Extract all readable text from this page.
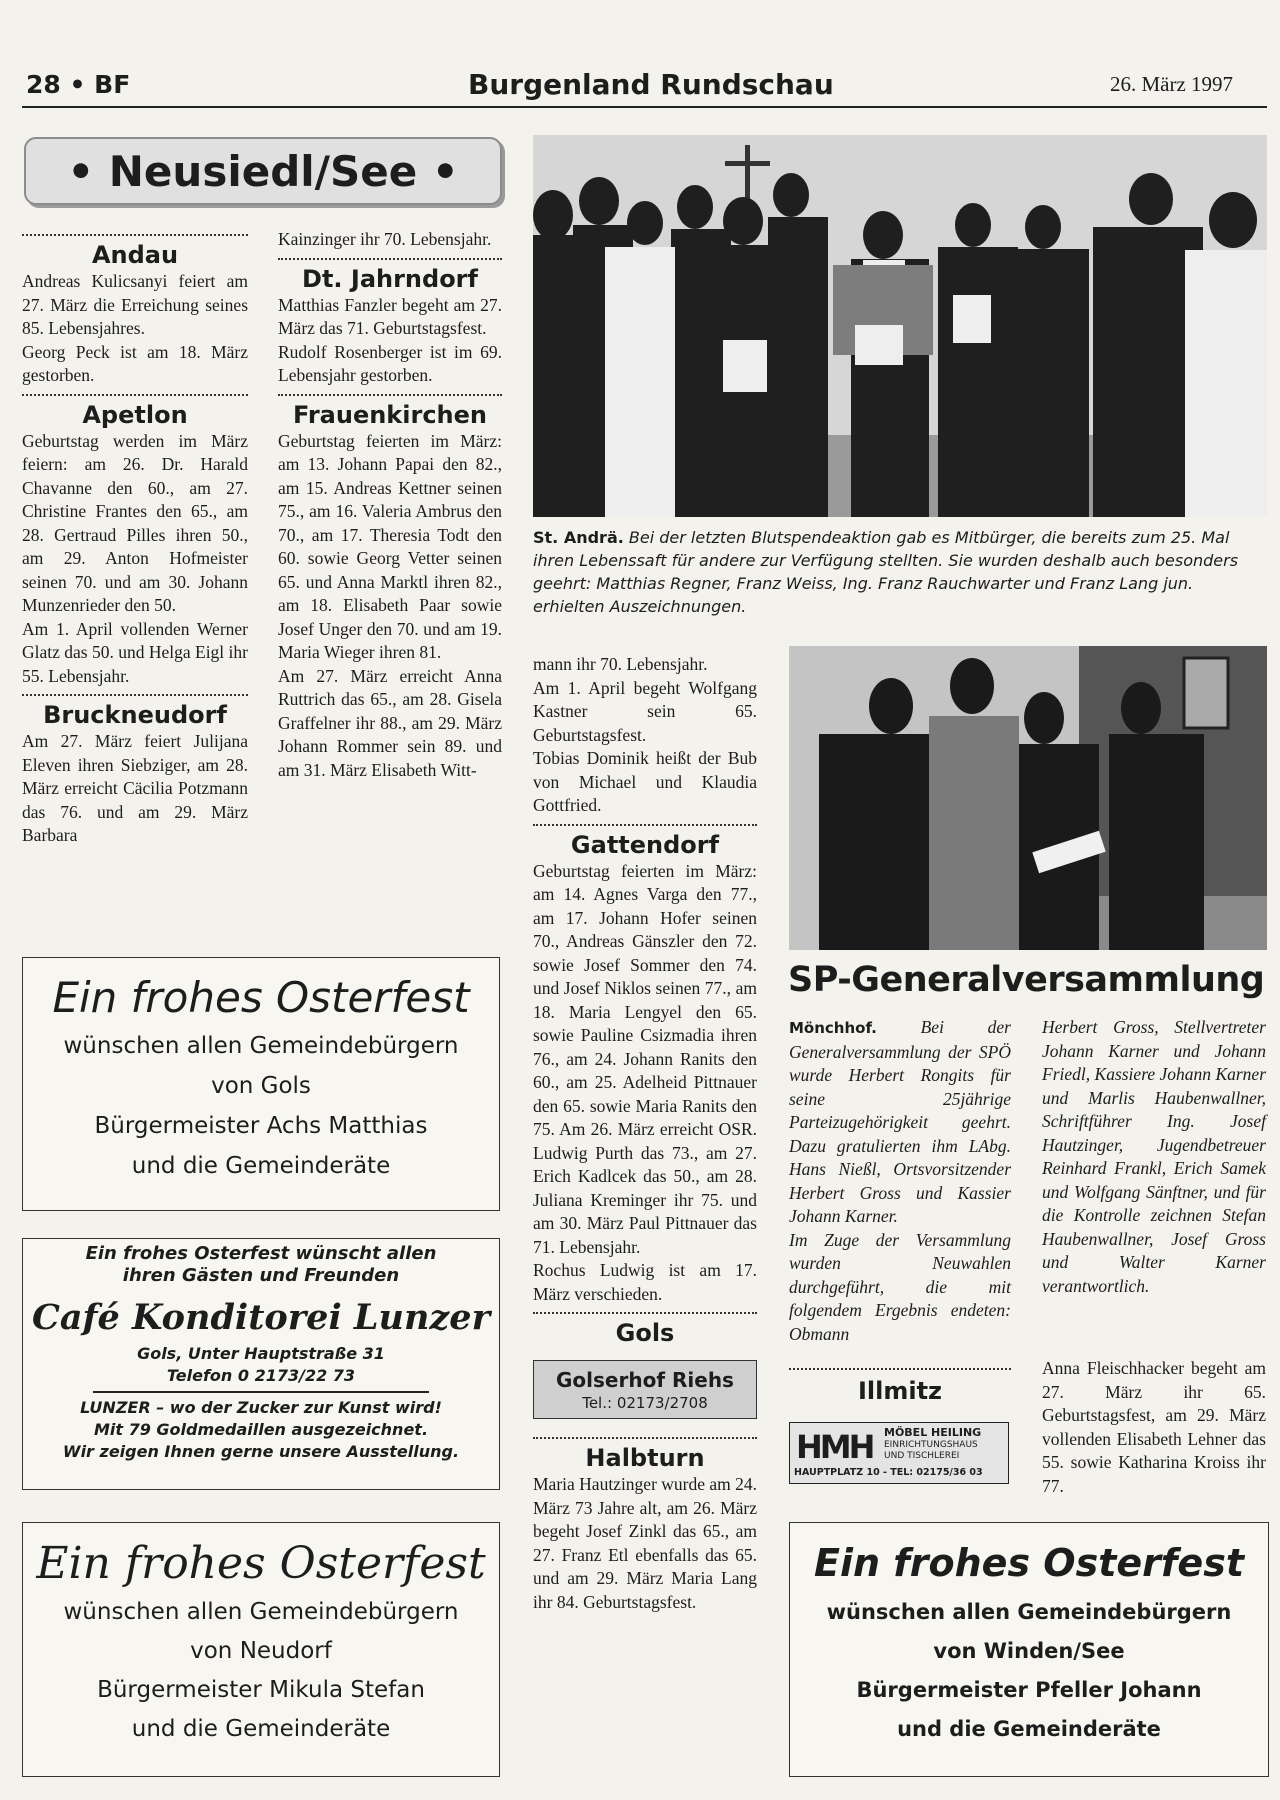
28 • BF	Burgenland Rundschau	26. März 1997
• Neusiedl/See •
Andau

Andreas Kulicsanyi feiert am 27. März die Erreichung seines 85. Lebensjahres.

Georg Peck ist am 18. März gestorben.

Apetlon

Geburtstag werden im März feiern: am 26. Dr. Harald Chavanne den 60., am 27. Christine Frantes den 65., am 28. Gertraud Pilles ihren 50., am 29. Anton Hofmeister seinen 70. und am 30. Johann Munzenrieder den 50.

Am 1. April vollenden Werner Glatz das 50. und Helga Eigl ihr 55. Lebensjahr.

Bruckneudorf

Am 27. März feiert Julijana Eleven ihren Siebziger, am 28. März erreicht Cäcilia Potzmann das 76. und am 29. März Barbara

Kainzinger ihr 70. Lebensjahr.

Dt. Jahrndorf

Matthias Fanzler begeht am 27. März das 71. Geburtstagsfest.

Rudolf Rosenberger ist im 69. Lebensjahr gestorben.

Frauenkirchen

Geburtstag feierten im März: am 13. Johann Papai den 82., am 15. Andreas Kettner seinen 75., am 16. Valeria Ambrus den 70., am 17. Theresia Todt den 60. sowie Georg Vetter seinen 65. und Anna Marktl ihren 82., am 18. Elisabeth Paar sowie Josef Unger den 70. und am 19. Maria Wieger ihren 81.

Am 27. März erreicht Anna Ruttrich das 65., am 28. Gisela Graffelner ihr 88., am 29. März Johann Rommer sein 89. und am 31. März Elisabeth Witt-

St. Andrä. Bei der letzten Blutspendeaktion gab es Mitbürger, die bereits zum 25. Mal ihren Lebenssaft für andere zur Verfügung stellten. Sie wurden deshalb auch besonders geehrt: Matthias Regner, Franz Weiss, Ing. Franz Rauchwarter und Franz Lang jun. erhielten Auszeichnungen.

mann ihr 70. Lebensjahr.

Am 1. April begeht Wolfgang Kastner sein 65. Geburtstagsfest.

Tobias Dominik heißt der Bub von Michael und Klaudia Gottfried.

Gattendorf

Geburtstag feierten im März: am 14. Agnes Varga den 77., am 17. Johann Hofer seinen 70., Andreas Gänszler den 72. sowie Josef Sommer den 74. und Josef Niklos seinen 77., am 18. Maria Lengyel den 65. sowie Pauline Csizmadia ihren 76., am 24. Johann Ranits den 60., am 25. Adelheid Pittnauer den 65. sowie Maria Ranits den 75. Am 26. März erreicht OSR. Ludwig Purth das 73., am 27. Erich Kadlcek das 50., am 28. Juliana Kreminger ihr 75. und am 30. März Paul Pittnauer das 71. Lebensjahr.

Rochus Ludwig ist am 17. März verschieden.

Gols
Golserhof Riehs
Tel.: 02173/2708
Halbturn

Maria Hautzinger wurde am 24. März 73 Jahre alt, am 26. März begeht Josef Zinkl das 65., am 27. Franz Etl ebenfalls das 65. und am 29. März Maria Lang ihr 84. Geburtstagsfest.

SP-Generalversammlung
Mönchhof. Bei der Generalversammlung der SPÖ wurde Herbert Rongits für seine 25jährige Parteizugehörigkeit geehrt. Dazu gratulierten ihm LAbg. Hans Nießl, Ortsvorsitzender Herbert Gross und Kassier Johann Karner.
Im Zuge der Versammlung wurden Neuwahlen durchgeführt, die mit folgendem Ergebnis endeten: Obmann
Herbert Gross, Stellvertreter Johann Karner und Johann Friedl, Kassiere Johann Karner und Marlis Haubenwallner, Schriftführer Ing. Josef Hautzinger, Jugendbetreuer Reinhard Frankl, Erich Samek und Wolfgang Sänftner, und für die Kontrolle zeichnen Stefan Haubenwallner, Josef Gross und Walter Karner verantwortlich.
Illmitz
HMH MÖBEL HEILING
EINRICHTUNGSHAUS
UND TISCHLEREI
HAUPTPLATZ 10 - TEL: 02175/36 03
Anna Fleischhacker begeht am 27. März ihr 65. Geburtstagsfest, am 29. März vollenden Elisabeth Lehner das 55. sowie Katharina Kroiss ihr 77.
Ein frohes Osterfest
wünschen allen Gemeindebürgern
von Gols
Bürgermeister Achs Matthias
und die Gemeinderäte
Ein frohes Osterfest wünscht allen
ihren Gästen und Freunden
Café Konditorei Lunzer
Gols, Unter Hauptstraße 31
Telefon 0 2173/22 73
LUNZER – wo der Zucker zur Kunst wird!
Mit 79 Goldmedaillen ausgezeichnet.
Wir zeigen Ihnen gerne unsere Ausstellung.
Ein frohes Osterfest
wünschen allen Gemeindebürgern
von Neudorf
Bürgermeister Mikula Stefan
und die Gemeinderäte
Ein frohes Osterfest
wünschen allen Gemeindebürgern
von Winden/See
Bürgermeister Pfeller Johann
und die Gemeinderäte
